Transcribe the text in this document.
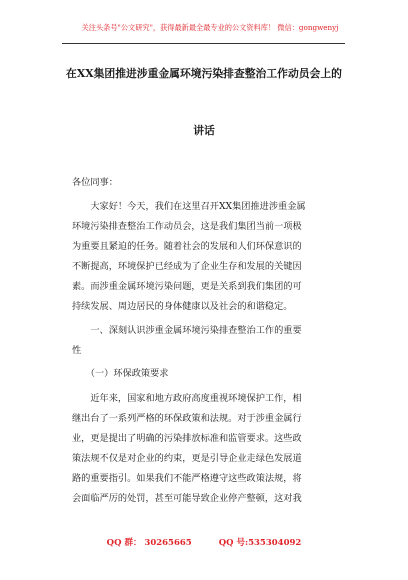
关注头条号"公文研究"，获得最新最全最专业的公文资料库！ 微信：gongwenyj
在XX集团推进涉重金属环境污染排查整治工作动员会上的
讲话
各位同事：
　　大家好！今天，我们在这里召开XX集团推进涉重金属
环境污染排查整治工作动员会，这是我们集团当前一项极
为重要且紧迫的任务。随着社会的发展和人们环保意识的
不断提高，环境保护已经成为了企业生存和发展的关键因
素。而涉重金属环境污染问题，更是关系到我们集团的可
持续发展、周边居民的身体健康以及社会的和谐稳定。
　　一、深刻认识涉重金属环境污染排查整治工作的重要
性
　　（一）环保政策要求
　　近年来，国家和地方政府高度重视环境保护工作，相
继出台了一系列严格的环保政策和法规。对于涉重金属行
业，更是提出了明确的污染排放标准和监管要求。这些政
策法规不仅是对企业的约束，更是引导企业走绿色发展道
路的重要指引。如果我们不能严格遵守这些政策法规，将
会面临严厉的处罚，甚至可能导致企业停产整顿，这对我
QQ 群： 30265665	QQ 号:535304092
